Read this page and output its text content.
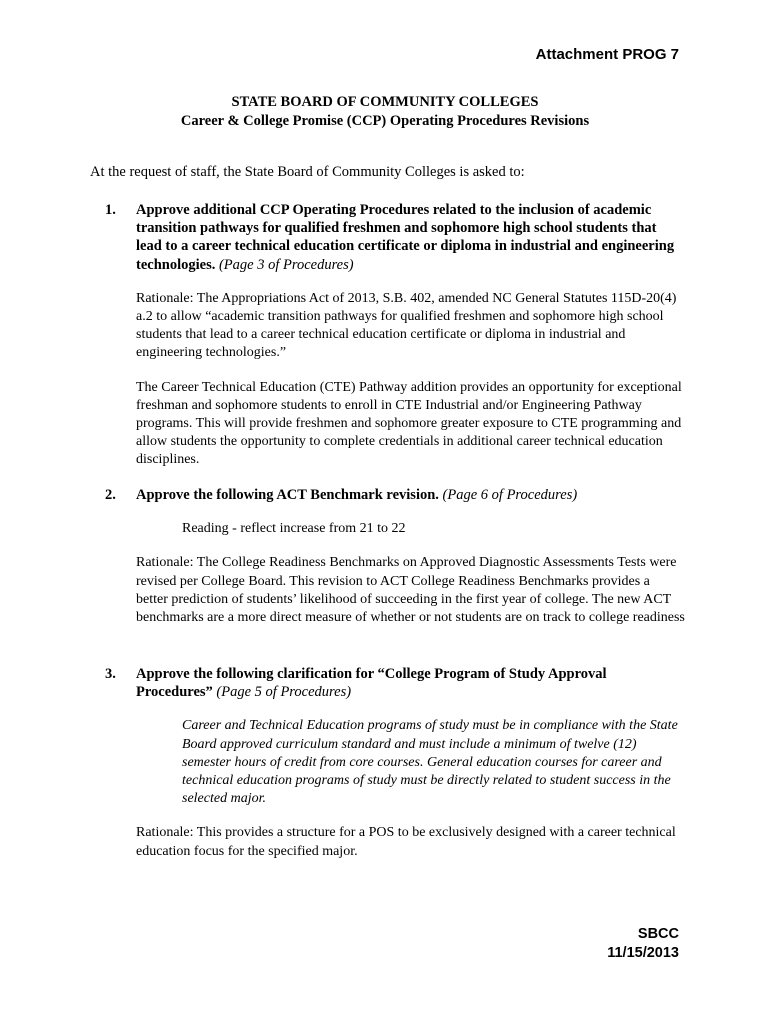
Attachment PROG 7
STATE BOARD OF COMMUNITY COLLEGES
Career & College Promise (CCP) Operating Procedures Revisions
At the request of staff, the State Board of Community Colleges is asked to:
1. Approve additional CCP Operating Procedures related to the inclusion of academic transition pathways for qualified freshmen and sophomore high school students that lead to a career technical education certificate or diploma in industrial and engineering technologies. (Page 3 of Procedures)
Rationale: The Appropriations Act of 2013, S.B. 402, amended NC General Statutes 115D-20(4) a.2 to allow “academic transition pathways for qualified freshmen and sophomore high school students that lead to a career technical education certificate or diploma in industrial and engineering technologies.”
The Career Technical Education (CTE) Pathway addition provides an opportunity for exceptional freshman and sophomore students to enroll in CTE Industrial and/or Engineering Pathway programs. This will provide freshmen and sophomore greater exposure to CTE programming and allow students the opportunity to complete credentials in additional career technical education disciplines.
2. Approve the following ACT Benchmark revision. (Page 6 of Procedures)
Reading - reflect increase from 21 to 22
Rationale: The College Readiness Benchmarks on Approved Diagnostic Assessments Tests were revised per College Board. This revision to ACT College Readiness Benchmarks provides a better prediction of students’ likelihood of succeeding in the first year of college. The new ACT benchmarks are a more direct measure of whether or not students are on track to college readiness
3. Approve the following clarification for “College Program of Study Approval Procedures” (Page 5 of Procedures)
Career and Technical Education programs of study must be in compliance with the State Board approved curriculum standard and must include a minimum of twelve (12) semester hours of credit from core courses. General education courses for career and technical education programs of study must be directly related to student success in the selected major.
Rationale: This provides a structure for a POS to be exclusively designed with a career technical education focus for the specified major.
SBCC
11/15/2013
